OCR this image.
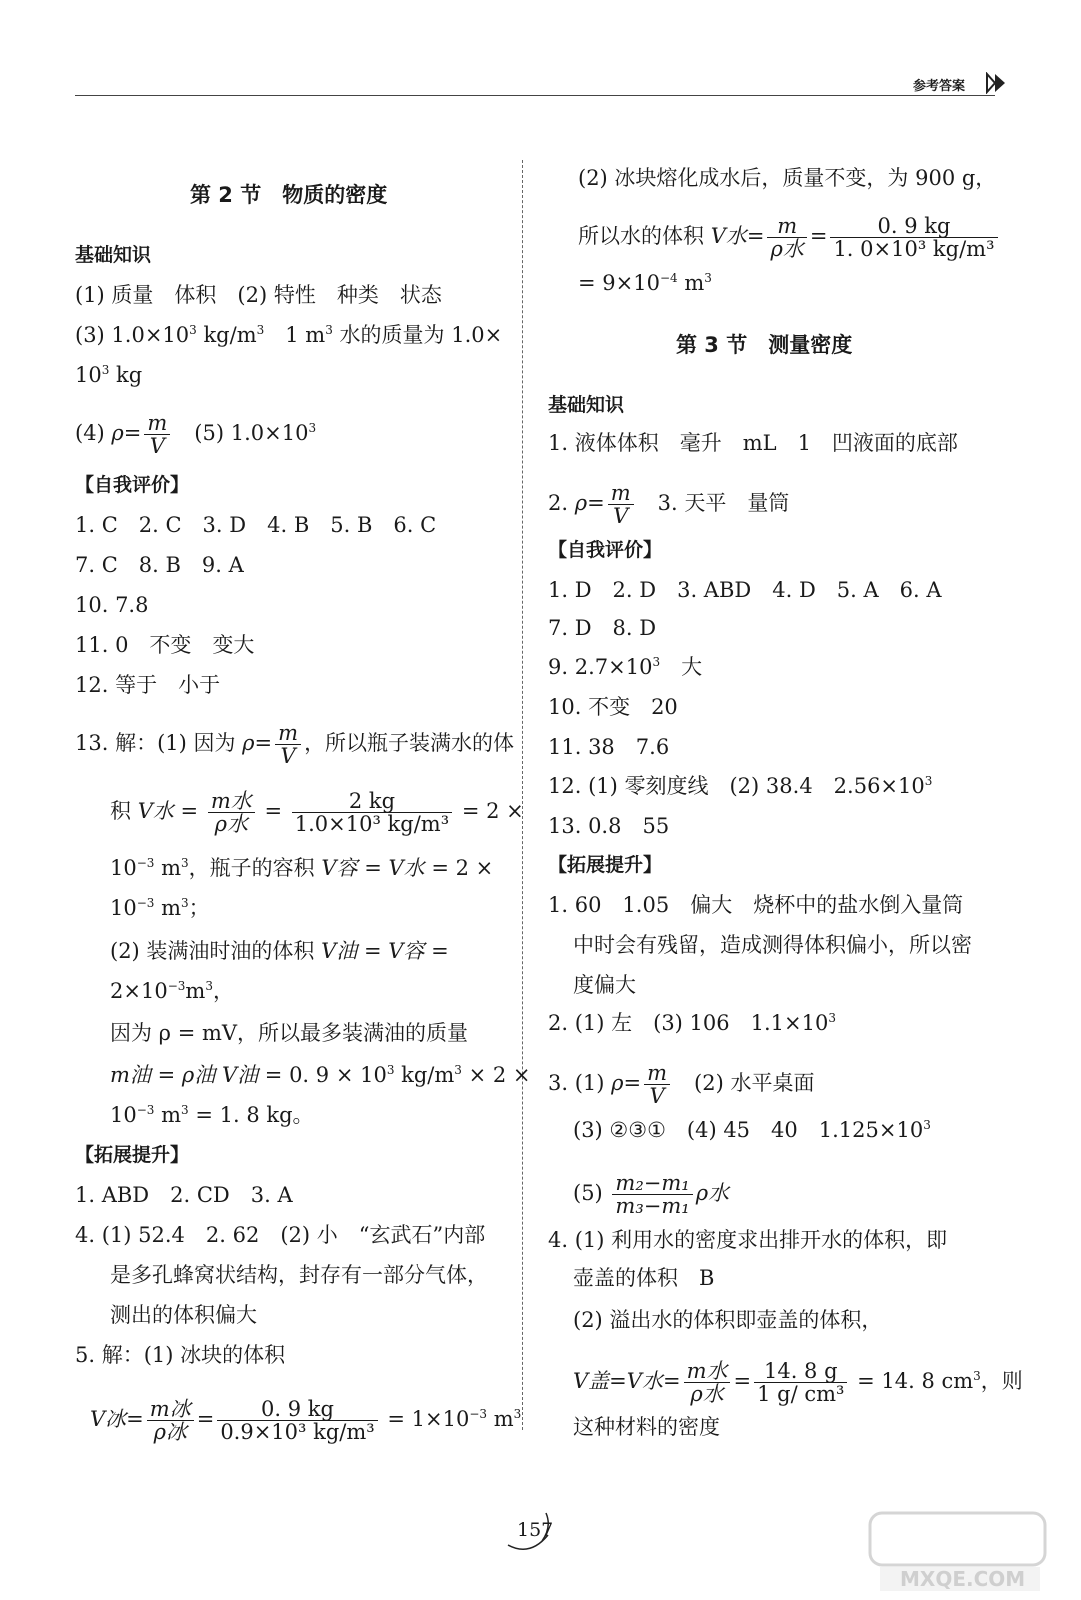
参考答案
第 2 节　物质的密度
基础知识
(1) 质量　体积　(2) 特性　种类　状态
(3) $1.0\times 10^3$ $kg/m^3$　1 $m^3$ 水的质量为 1.0×
$10^3$ kg
(4) $\rho= \frac{m}{V}$ 　(5) $1.0\times 10^3$
【自我评价】
1. C　2. C　3. D　4. B　5. B　6. C
7. C　8. B　9. A
10. 7.8
11. 0　不变　变大
12. 等于　小于
13. 解：(1) 因为 $\rho= \frac{m}{V}$ ，所以瓶子装满水的体
积 V水 = $\frac{\text{m水}}{\text{ρ水}} = \frac{2 kg}{\text{1.0×10³ kg/m³}} = 2$ ×
$10^{-3}$ $m^3$，瓶子的容积 V容 = V水 = 2 ×
$10^{-3}$ $m^3$；
(2) 装满油时油的体积 V油 = V容 =
$2\times 10^{-3}m^3$，
因为 ρ = mV，所以最多装满油的质量
m油 = ρ油 V油 = 0. $9 \times 10^3$ $kg/m^3 \times 2$ ×
$10^{-3}$ $m^3 = 1$. 8 kg。
【拓展提升】
1. ABD　2. CD　3. A
4. (1) 52.4　2. 62　(2) 小　“玄武石”内部
是多孔蜂窝状结构，封存有一部分气体，
测出的体积偏大
5. 解：(1) 冰块的体积
V冰= $\frac{\text{m冰}}{\text{ρ冰}} = \frac{0. 9 kg}{\text{0.9×10³ kg/m³}} = 1\times 10^{-3}$ $m^3$
(2) 冰块熔化成水后，质量不变，为 900 g，
所以水的体积 V水= $\frac{m}{\text{ρ水}} = \frac{0. 9 kg}{\text{1. 0×10³ kg/m³}}$
= $9\times 10^{-4}$ $m^3$
第 3 节　测量密度
基础知识
1. 液体体积　毫升　mL　1　凹液面的底部
2. $\rho= \frac{m}{V}$ 　3. 天平　量筒
【自我评价】
1. D　2. D　3. ABD　4. D　5. A　6. A
7. D　8. D
9. $2.7\times 10^3$　大
10. 不变　20
11. 38　7.6
12. (1) 零刻度线　(2) 38.4　$2.56\times 10^3$
13. 0.8　55
【拓展提升】
1. 60　1.05　偏大　烧杯中的盐水倒入量筒
中时会有残留，造成测得体积偏小，所以密
度偏大
2. (1) 左　(3) 106　$1.1\times 10^3$
3. (1) $\rho= \frac{m}{V}$ 　(2) 水平桌面
(3) ②③①　(4) 45　40　$1.125\times 10^3$
$(5) \frac{\text{m₂−m₁}}{\text{m₃−m₁}}$ ρ水
4. (1) 利用水的密度求出排开水的体积，即
壶盖的体积　B
(2) 溢出水的体积即壶盖的体积，
V盖=V水= $\frac{\text{m水}}{\text{ρ水}} = \frac{14. 8 g}{\text{1 g/ cm³}} = 14$. 8 $cm^3$，则
这种材料的密度
157
MXQE.COM
